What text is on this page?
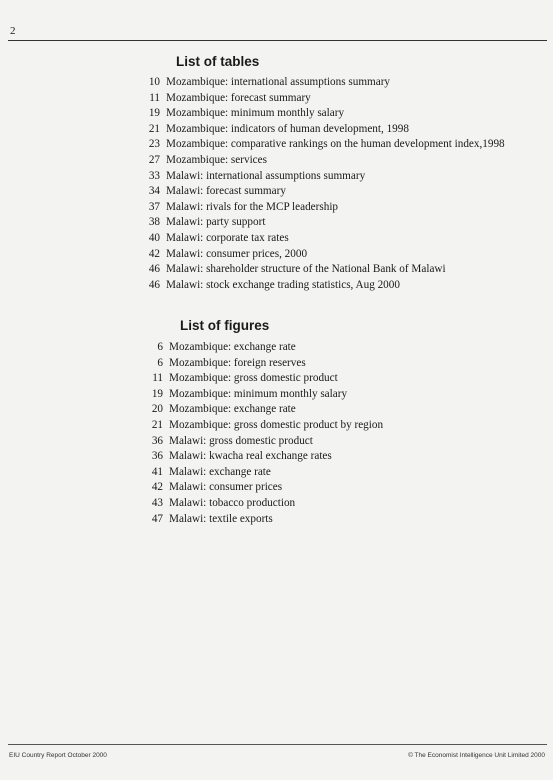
2
List of tables
10 Mozambique: international assumptions summary
11 Mozambique: forecast summary
19 Mozambique: minimum monthly salary
21 Mozambique: indicators of human development, 1998
23 Mozambique: comparative rankings on the human development index,1998
27 Mozambique: services
33 Malawi: international assumptions summary
34 Malawi: forecast summary
37 Malawi: rivals for the MCP leadership
38 Malawi: party support
40 Malawi: corporate tax rates
42 Malawi: consumer prices, 2000
46 Malawi: shareholder structure of the National Bank of Malawi
46 Malawi: stock exchange trading statistics, Aug 2000
List of figures
6 Mozambique: exchange rate
6 Mozambique: foreign reserves
11 Mozambique: gross domestic product
19 Mozambique: minimum monthly salary
20 Mozambique: exchange rate
21 Mozambique: gross domestic product by region
36 Malawi: gross domestic product
36 Malawi: kwacha real exchange rates
41 Malawi: exchange rate
42 Malawi: consumer prices
43 Malawi: tobacco production
47 Malawi: textile exports
EIU Country Report October 2000	© The Economist Intelligence Unit Limited 2000
